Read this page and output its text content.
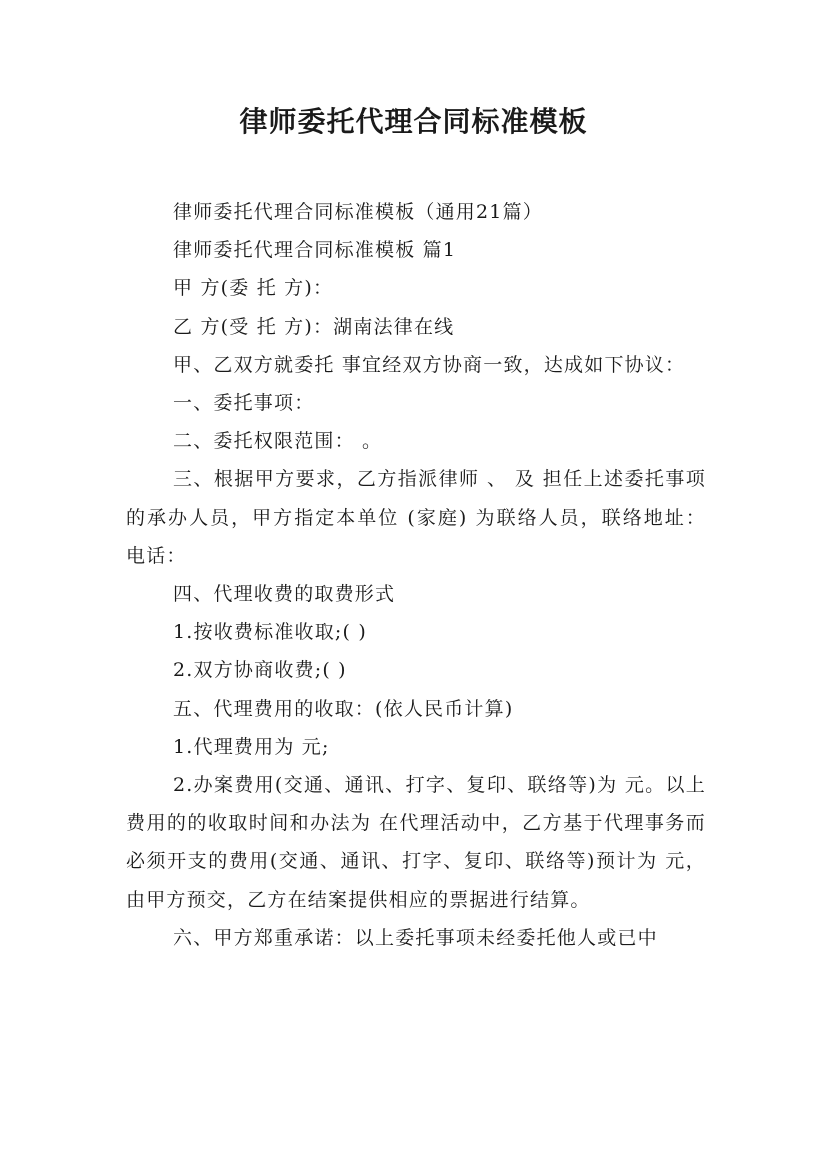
律师委托代理合同标准模板

律师委托代理合同标准模板（通用21篇）

律师委托代理合同标准模板 篇1

甲 方(委 托 方)：

乙 方(受 托 方)：湖南法律在线

甲、乙双方就委托 事宜经双方协商一致，达成如下协议：

一、委托事项：

二、委托权限范围： 。

三、根据甲方要求，乙方指派律师 、 及 担任上述委托事项的承办人员，甲方指定本单位 (家庭) 为联络人员，联络地址： 电话：

四、代理收费的取费形式

1.按收费标准收取;( )

2.双方协商收费;( )

五、代理费用的收取：(依人民币计算)

1.代理费用为 元;

2.办案费用(交通、通讯、打字、复印、联络等)为 元。以上费用的的收取时间和办法为 在代理活动中，乙方基于代理事务而必须开支的费用(交通、通讯、打字、复印、联络等)预计为 元，由甲方预交，乙方在结案提供相应的票据进行结算。

六、甲方郑重承诺：以上委托事项未经委托他人或已中
